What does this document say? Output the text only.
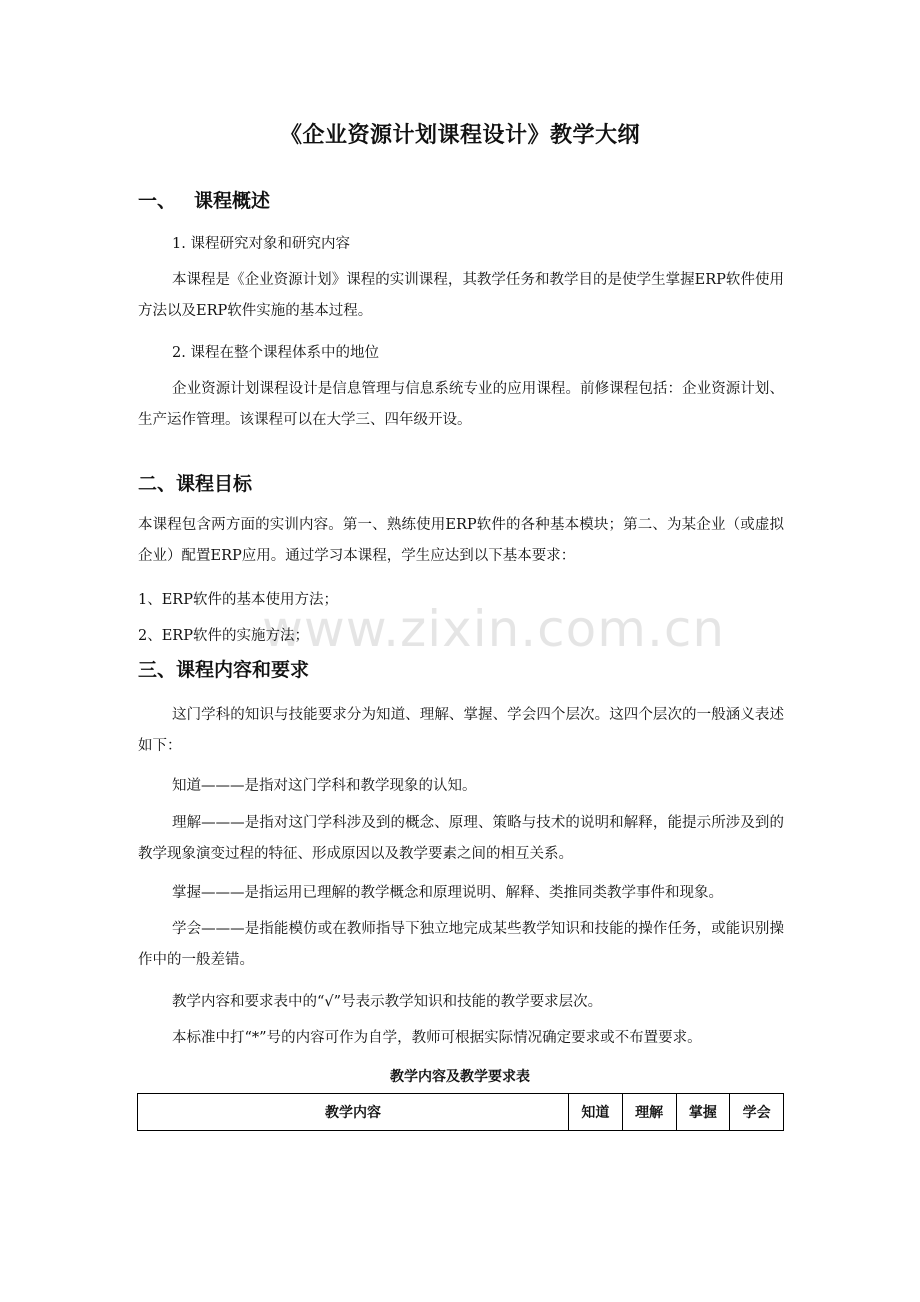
《企业资源计划课程设计》教学大纲
一、 课程概述
1. 课程研究对象和研究内容
本课程是《企业资源计划》课程的实训课程，其教学任务和教学目的是使学生掌握ERP软件使用方法以及ERP软件实施的基本过程。
2. 课程在整个课程体系中的地位
企业资源计划课程设计是信息管理与信息系统专业的应用课程。前修课程包括：企业资源计划、生产运作管理。该课程可以在大学三、四年级开设。
二、课程目标
本课程包含两方面的实训内容。第一、熟练使用ERP软件的各种基本模块；第二、为某企业（或虚拟企业）配置ERP应用。通过学习本课程，学生应达到以下基本要求：
1、ERP软件的基本使用方法；
2、ERP软件的实施方法；
三、课程内容和要求
这门学科的知识与技能要求分为知道、理解、掌握、学会四个层次。这四个层次的一般涵义表述如下：
知道———是指对这门学科和教学现象的认知。
理解———是指对这门学科涉及到的概念、原理、策略与技术的说明和解释，能提示所涉及到的教学现象演变过程的特征、形成原因以及教学要素之间的相互关系。
掌握———是指运用已理解的教学概念和原理说明、解释、类推同类教学事件和现象。
学会———是指能模仿或在教师指导下独立地完成某些教学知识和技能的操作任务，或能识别操作中的一般差错。
教学内容和要求表中的“√”号表示教学知识和技能的教学要求层次。
本标准中打“*”号的内容可作为自学，教师可根据实际情况确定要求或不布置要求。
教学内容及教学要求表
教学内容	知道	理解	掌握	学会
www.zixin.com.cn
